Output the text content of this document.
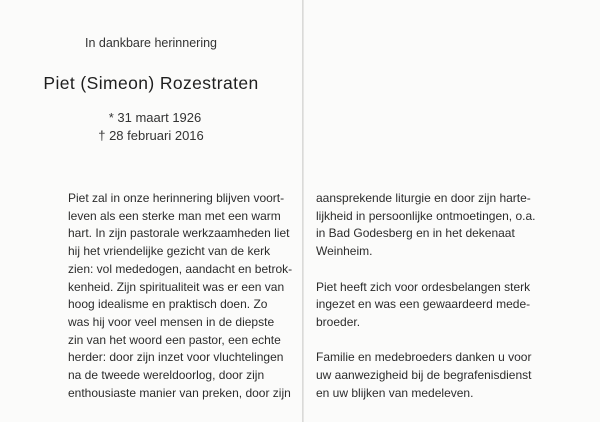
In dankbare herinnering
Piet (Simeon) Rozestraten
* 31 maart 1926
† 28 februari 2016
Piet zal in onze herinnering blijven voort-
leven als een sterke man met een warm
hart. In zijn pastorale werkzaamheden liet
hij het vriendelijke gezicht van de kerk
zien: vol mededogen, aandacht en betrok-
kenheid. Zijn spiritualiteit was er een van
hoog idealisme en praktisch doen. Zo
was hij voor veel mensen in de diepste
zin van het woord een pastor, een echte
herder: door zijn inzet voor vluchtelingen
na de tweede wereldoorlog, door zijn
enthousiaste manier van preken, door zijn
aansprekende liturgie en door zijn harte-
lijkheid in persoonlijke ontmoetingen, o.a.
in Bad Godesberg en in het dekenaat
Weinheim.
Piet heeft zich voor ordesbelangen sterk
ingezet en was een gewaardeerd mede-
broeder.
Familie en medebroeders danken u voor
uw aanwezigheid bij de begrafenisdienst
en uw blijken van medeleven.
